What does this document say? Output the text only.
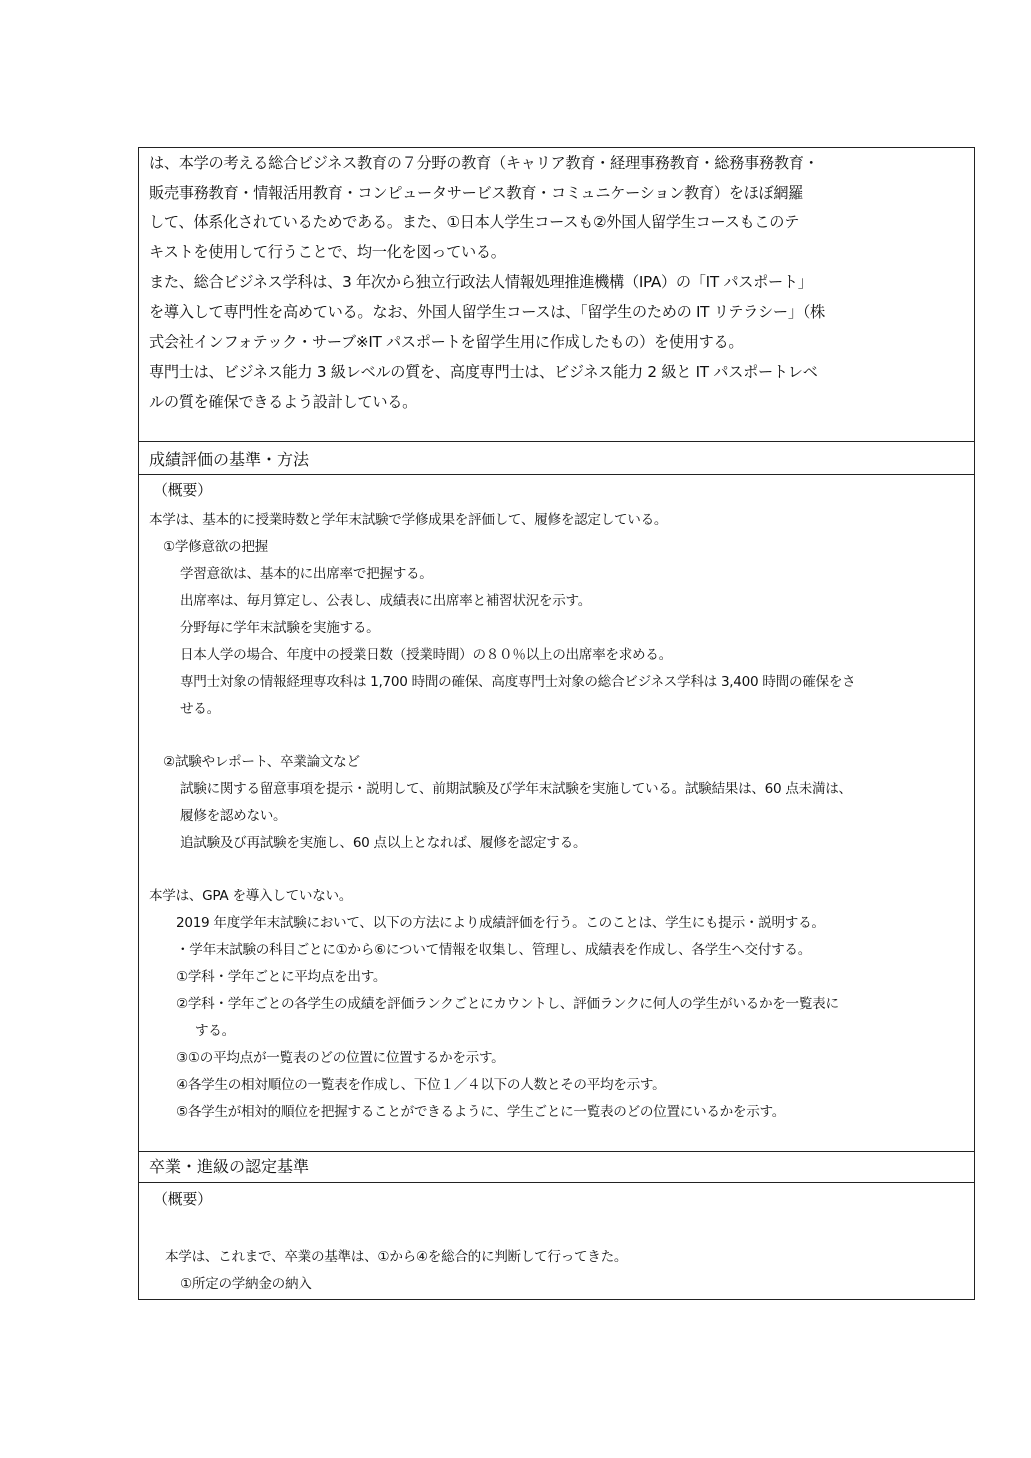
は、本学の考える総合ビジネス教育の７分野の教育（キャリア教育・経理事務教育・総務事務教育・
販売事務教育・情報活用教育・コンピュータサービス教育・コミュニケーション教育）をほぼ網羅
して、体系化されているためである。また、①日本人学生コースも②外国人留学生コースもこのテ
キストを使用して行うことで、均一化を図っている。
また、総合ビジネス学科は、3 年次から独立行政法人情報処理推進機構（IPA）の「IT パスポート」
を導入して専門性を高めている。なお、外国人留学生コースは、「留学生のための IT リテラシー」（株
式会社インフォテック・サーブ※IT パスポートを留学生用に作成したもの）を使用する。
専門士は、ビジネス能力 3 級レベルの質を、高度専門士は、ビジネス能力 2 級と IT パスポートレベ
ルの質を確保できるよう設計している。
成績評価の基準・方法
（概要）
本学は、基本的に授業時数と学年末試験で学修成果を評価して、履修を認定している。
①学修意欲の把握
学習意欲は、基本的に出席率で把握する。
出席率は、毎月算定し、公表し、成績表に出席率と補習状況を示す。
分野毎に学年末試験を実施する。
日本人学の場合、年度中の授業日数（授業時間）の８０％以上の出席率を求める。
専門士対象の情報経理専攻科は 1,700 時間の確保、高度専門士対象の総合ビジネス学科は 3,400 時間の確保をさ
せる。
②試験やレポート、卒業論文など
試験に関する留意事項を提示・説明して、前期試験及び学年末試験を実施している。試験結果は、60 点未満は、
履修を認めない。
追試験及び再試験を実施し、60 点以上となれば、履修を認定する。
本学は、GPA を導入していない。
2019 年度学年末試験において、以下の方法により成績評価を行う。このことは、学生にも提示・説明する。
・学年末試験の科目ごとに①から⑥について情報を収集し、管理し、成績表を作成し、各学生へ交付する。
①学科・学年ごとに平均点を出す。
②学科・学年ごとの各学生の成績を評価ランクごとにカウントし、評価ランクに何人の学生がいるかを一覧表に
する。
③①の平均点が一覧表のどの位置に位置するかを示す。
④各学生の相対順位の一覧表を作成し、下位１／４以下の人数とその平均を示す。
⑤各学生が相対的順位を把握することができるように、学生ごとに一覧表のどの位置にいるかを示す。
卒業・進級の認定基準
（概要）
本学は、これまで、卒業の基準は、①から④を総合的に判断して行ってきた。
①所定の学納金の納入
